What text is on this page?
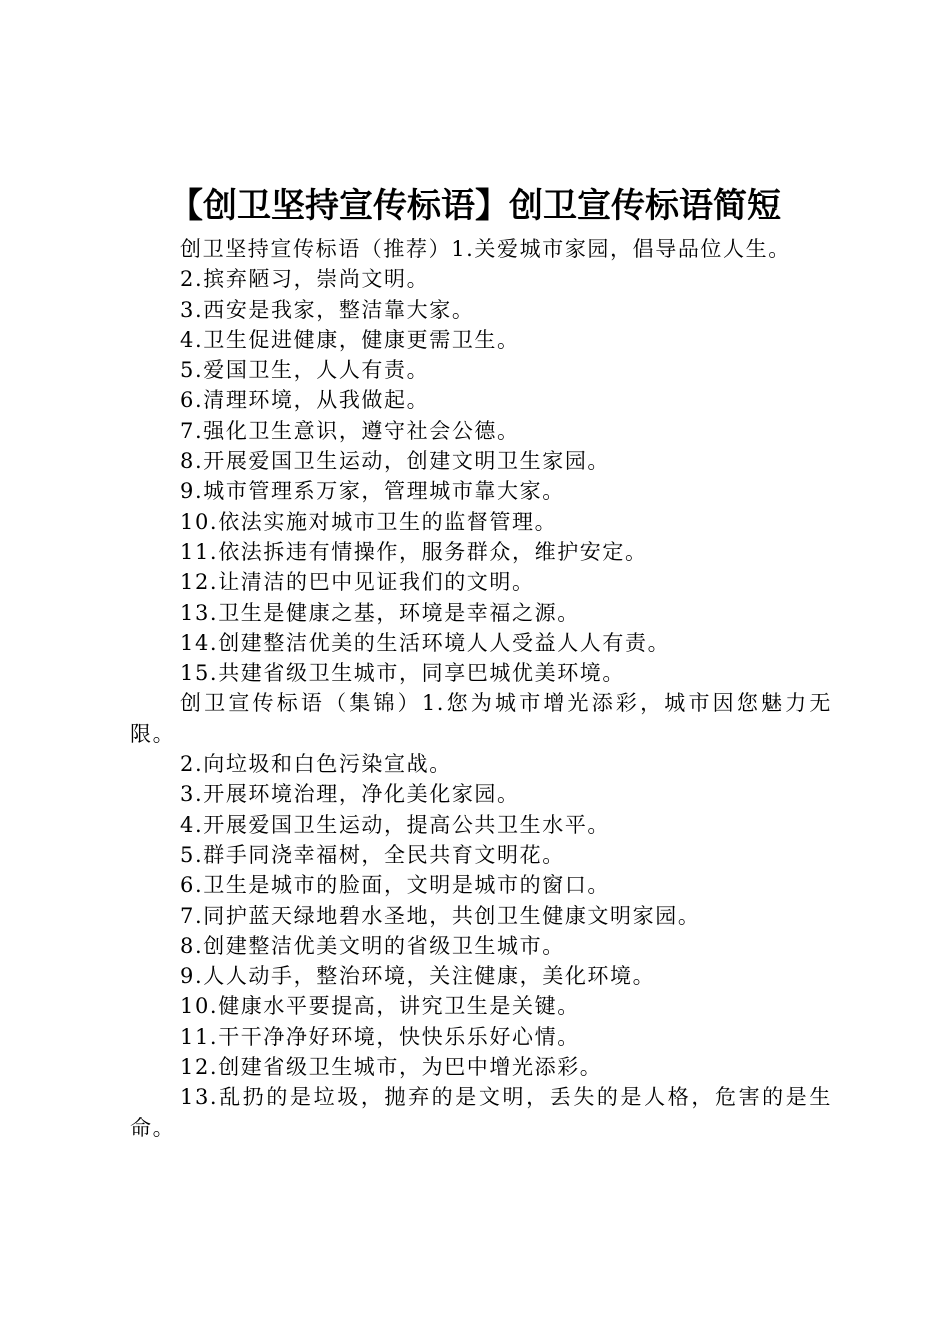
【创卫坚持宣传标语】创卫宣传标语简短

创卫坚持宣传标语（推荐）1.关爱城市家园，倡导品位人生。

2.摈弃陋习，崇尚文明。

3.西安是我家，整洁靠大家。

4.卫生促进健康，健康更需卫生。

5.爱国卫生，人人有责。

6.清理环境，从我做起。

7.强化卫生意识，遵守社会公德。

8.开展爱国卫生运动，创建文明卫生家园。

9.城市管理系万家，管理城市靠大家。

10.依法实施对城市卫生的监督管理。

11.依法拆违有情操作，服务群众，维护安定。

12.让清洁的巴中见证我们的文明。

13.卫生是健康之基，环境是幸福之源。

14.创建整洁优美的生活环境人人受益人人有责。

15.共建省级卫生城市，同享巴城优美环境。

创卫宣传标语（集锦）1.您为城市增光添彩，城市因您魅力无限。

2.向垃圾和白色污染宣战。

3.开展环境治理，净化美化家园。

4.开展爱国卫生运动，提高公共卫生水平。

5.群手同浇幸福树，全民共育文明花。

6.卫生是城市的脸面，文明是城市的窗口。

7.同护蓝天绿地碧水圣地，共创卫生健康文明家园。

8.创建整洁优美文明的省级卫生城市。

9.人人动手，整治环境，关注健康，美化环境。

10.健康水平要提高，讲究卫生是关键。

11.干干净净好环境，快快乐乐好心情。

12.创建省级卫生城市，为巴中增光添彩。

13.乱扔的是垃圾，抛弃的是文明，丢失的是人格，危害的是生命。
